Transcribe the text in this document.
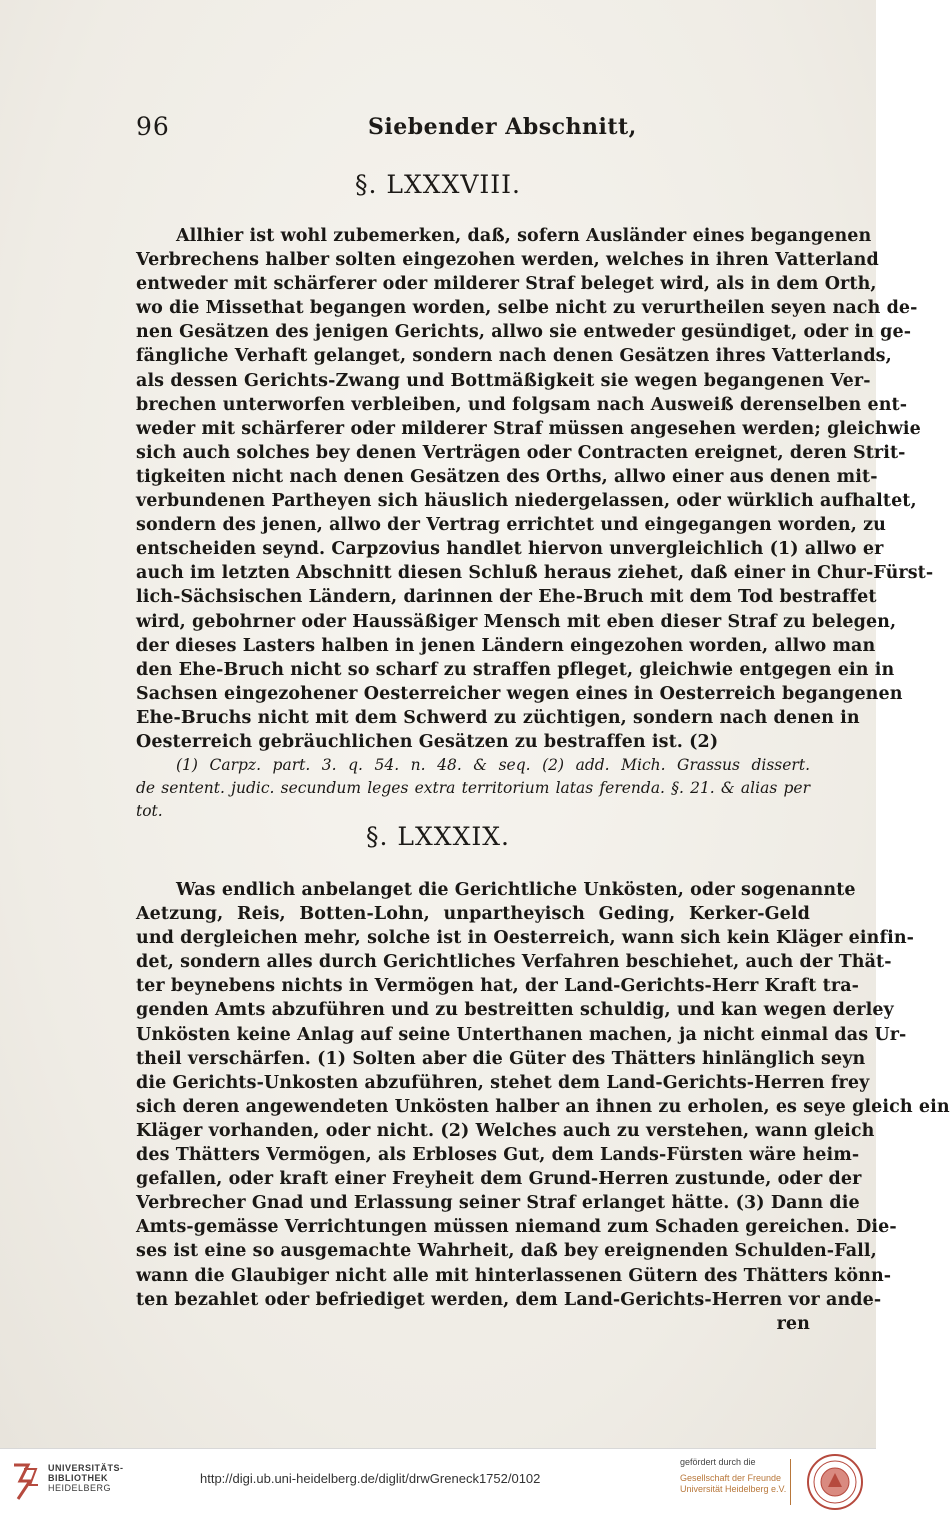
96	Siebender Abschnitt,
§. LXXXVIII.
Allhier ist wohl zubemerken, daß, sofern Ausländer eines begangenen
Verbrechens halber solten eingezohen werden, welches in ihren Vatterland
entweder mit schärferer oder milderer Straf beleget wird, als in dem Orth,
wo die Missethat begangen worden, selbe nicht zu verurtheilen seyen nach de-
nen Gesätzen des jenigen Gerichts, allwo sie entweder gesündiget, oder in ge-
fängliche Verhaft gelanget, sondern nach denen Gesätzen ihres Vatterlands,
als dessen Gerichts-Zwang und Bottmäßigkeit sie wegen begangenen Ver-
brechen unterworfen verbleiben, und folgsam nach Ausweiß derenselben ent-
weder mit schärferer oder milderer Straf müssen angesehen werden; gleichwie
sich auch solches bey denen Verträgen oder Contracten ereignet, deren Strit-
tigkeiten nicht nach denen Gesätzen des Orths, allwo einer aus denen mit-
verbundenen Partheyen sich häuslich niedergelassen, oder würklich aufhaltet,
sondern des jenen, allwo der Vertrag errichtet und eingegangen worden, zu
entscheiden seynd. Carpzovius handlet hiervon unvergleichlich (1) allwo er
auch im letzten Abschnitt diesen Schluß heraus ziehet, daß einer in Chur-Fürst-
lich-Sächsischen Ländern, darinnen der Ehe-Bruch mit dem Tod bestraffet
wird, gebohrner oder Haussäßiger Mensch mit eben dieser Straf zu belegen,
der dieses Lasters halben in jenen Ländern eingezohen worden, allwo man
den Ehe-Bruch nicht so scharf zu straffen pfleget, gleichwie entgegen ein in
Sachsen eingezohener Oesterreicher wegen eines in Oesterreich begangenen
Ehe-Bruchs nicht mit dem Schwerd zu züchtigen, sondern nach denen in
Oesterreich gebräuchlichen Gesätzen zu bestraffen ist. (2)
(1) Carpz. part. 3. q. 54. n. 48. & seq. (2) add. Mich. Grassus dissert.
de sentent. judic. secundum leges extra territorium latas ferenda. §. 21. & alias per
tot.
§. LXXXIX.
Was endlich anbelanget die Gerichtliche Unkösten, oder sogenannte
Aetzung, Reis, Botten-Lohn, unpartheyisch Geding, Kerker-Geld
und dergleichen mehr, solche ist in Oesterreich, wann sich kein Kläger einfin-
det, sondern alles durch Gerichtliches Verfahren beschiehet, auch der Thät-
ter beynebens nichts in Vermögen hat, der Land-Gerichts-Herr Kraft tra-
genden Amts abzuführen und zu bestreitten schuldig, und kan wegen derley
Unkösten keine Anlag auf seine Unterthanen machen, ja nicht einmal das Ur-
theil verschärfen. (1) Solten aber die Güter des Thätters hinlänglich seyn
die Gerichts-Unkosten abzuführen, stehet dem Land-Gerichts-Herren frey
sich deren angewendeten Unkösten halber an ihnen zu erholen, es seye gleich ein
Kläger vorhanden, oder nicht. (2) Welches auch zu verstehen, wann gleich
des Thätters Vermögen, als Erbloses Gut, dem Lands-Fürsten wäre heim-
gefallen, oder kraft einer Freyheit dem Grund-Herren zustunde, oder der
Verbrecher Gnad und Erlassung seiner Straf erlanget hätte. (3) Dann die
Amts-gemässe Verrichtungen müssen niemand zum Schaden gereichen. Die-
ses ist eine so ausgemachte Wahrheit, daß bey ereignenden Schulden-Fall,
wann die Glaubiger nicht alle mit hinterlassenen Gütern des Thätters könn-
ten bezahlet oder befriediget werden, dem Land-Gerichts-Herren vor ande-
ren
UNIVERSITÄTS-
BIBLIOTHEK
HEIDELBERG
http://digi.ub.uni-heidelberg.de/diglit/drwGreneck1752/0102
gefördert durch die
Gesellschaft der Freunde
Universität Heidelberg e.V.
